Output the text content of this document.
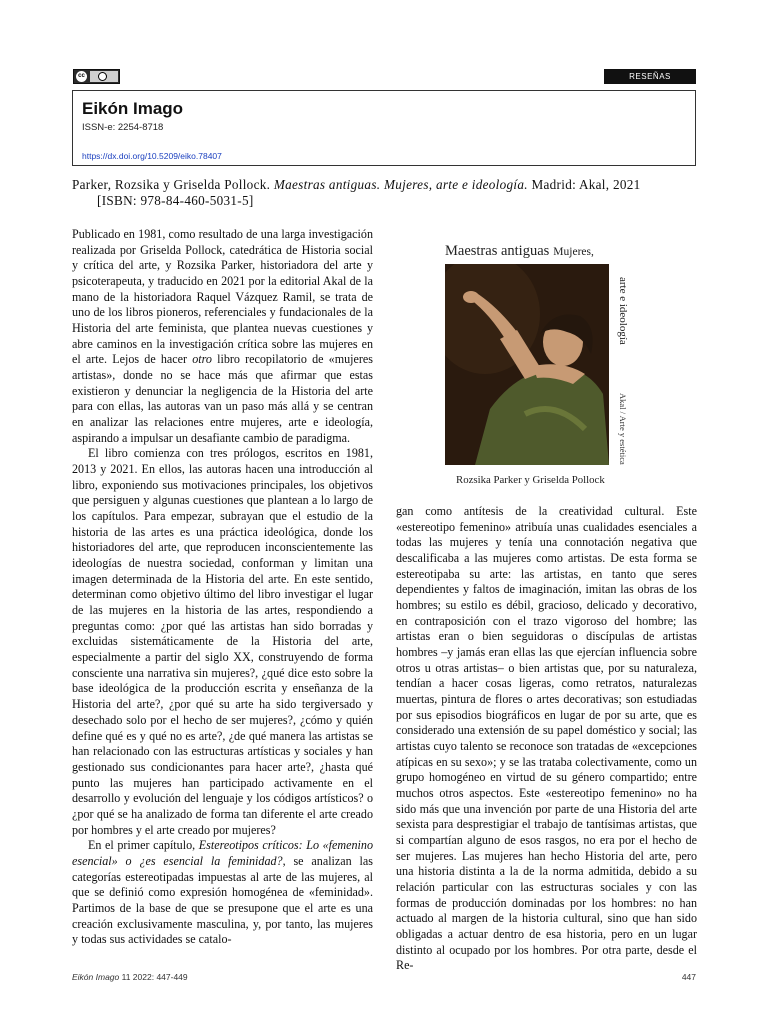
cc	RESEÑAS
Eikón Imago
ISSN-e: 2254-8718
https://dx.doi.org/10.5209/eiko.78407
Parker, Rozsika y Griselda Pollock. Maestras antiguas. Mujeres, arte e ideología. Madrid: Akal, 2021
[ISBN: 978-84-460-5031-5]

Publicado en 1981, como resultado de una larga investigación realizada por Griselda Pollock, catedrática de Historia social y crítica del arte, y Rozsika Parker, historiadora del arte y psicoterapeuta, y traducido en 2021 por la editorial Akal de la mano de la historiadora Raquel Vázquez Ramil, se trata de uno de los libros pioneros, referenciales y fundacionales de la Historia del arte feminista, que plantea nuevas cuestiones y abre caminos en la investigación crítica sobre las mujeres en el arte. Lejos de hacer otro libro recopilatorio de «mujeres artistas», donde no se hace más que afirmar que estas existieron y denunciar la negligencia de la Historia del arte para con ellas, las autoras van un paso más allá y se centran en analizar las relaciones entre mujeres, arte e ideología, aspirando a impulsar un desafiante cambio de paradigma.

El libro comienza con tres prólogos, escritos en 1981, 2013 y 2021. En ellos, las autoras hacen una introducción al libro, exponiendo sus motivaciones principales, los objetivos que persiguen y algunas cuestiones que plantean a lo largo de los capítulos. Para empezar, subrayan que el estudio de la historia de las artes es una práctica ideológica, donde los historiadores del arte, que reproducen inconscientemente las ideologías de nuestra sociedad, conforman y limitan una imagen determinada de la Historia del arte. En este sentido, determinan como objetivo último del libro investigar el lugar de las mujeres en la historia de las artes, respondiendo a preguntas como: ¿por qué las artistas han sido borradas y excluidas sistemáticamente de la Historia del arte, especialmente a partir del siglo XX, construyendo de forma consciente una narrativa sin mujeres?, ¿qué dice esto sobre la base ideológica de la producción escrita y enseñanza de la Historia del arte?, ¿por qué su arte ha sido tergiversado y desechado solo por el hecho de ser mujeres?, ¿cómo y quién define qué es y qué no es arte?, ¿de qué manera las artistas se han relacionado con las estructuras artísticas y sociales y han gestionado sus condicionantes para hacer arte?, ¿hasta qué punto las mujeres han participado activamente en el desarrollo y evolución del lenguaje y los códigos artísticos? o ¿por qué se ha analizado de forma tan diferente el arte creado por hombres y el arte creado por mujeres?

En el primer capítulo, Estereotipos críticos: Lo «femenino esencial» o ¿es esencial la feminidad?, se analizan las categorías estereotipadas impuestas al arte de las mujeres, al que se definió como expresión homogénea de «feminidad». Partimos de la base de que se presupone que el arte es una creación exclusivamente masculina, y, por tanto, las mujeres y todas sus actividades se catalo-

gan como antítesis de la creatividad cultural. Este «estereotipo femenino» atribuía unas cualidades esenciales a todas las mujeres y tenía una connotación negativa que descalificaba a las mujeres como artistas. De esta forma se estereotipaba su arte: las artistas, en tanto que seres dependientes y faltos de imaginación, imitan las obras de los hombres; su estilo es débil, gracioso, delicado y decorativo, en contraposición con el trazo vigoroso del hombre; las artistas eran o bien seguidoras o discípulas de artistas hombres –y jamás eran ellas las que ejercían influencia sobre otros u otras artistas– o bien artistas que, por su naturaleza, tendían a hacer cosas ligeras, como retratos, naturalezas muertas, pintura de flores o artes decorativas; son estudiadas por sus episodios biográficos en lugar de por su arte, que es considerado una extensión de su papel doméstico y social; las artistas cuyo talento se reconoce son tratadas de «excepciones atípicas en su sexo»; y se las trataba colectivamente, como un grupo homogéneo en virtud de su género compartido; entre muchos otros aspectos. Este «estereotipo femenino» no ha sido más que una invención por parte de una Historia del arte sexista para desprestigiar el trabajo de tantísimas artistas, que si compartían alguno de esos rasgos, no era por el hecho de ser mujeres. Las mujeres han hecho Historia del arte, pero una historia distinta a la de la norma admitida, debido a su relación particular con las estructuras sociales y con las formas de producción dominadas por los hombres: no han actuado al margen de la historia cultural, sino que han sido obligadas a actuar dentro de esa historia, pero en un lugar distinto al ocupado por los hombres. Por otra parte, desde el Re-

Maestras antiguas Mujeres,
arte e ideología
Akal / Arte y estética
Rozsika Parker y Griselda Pollock
Eikón Imago 11 2022: 447-449	447
